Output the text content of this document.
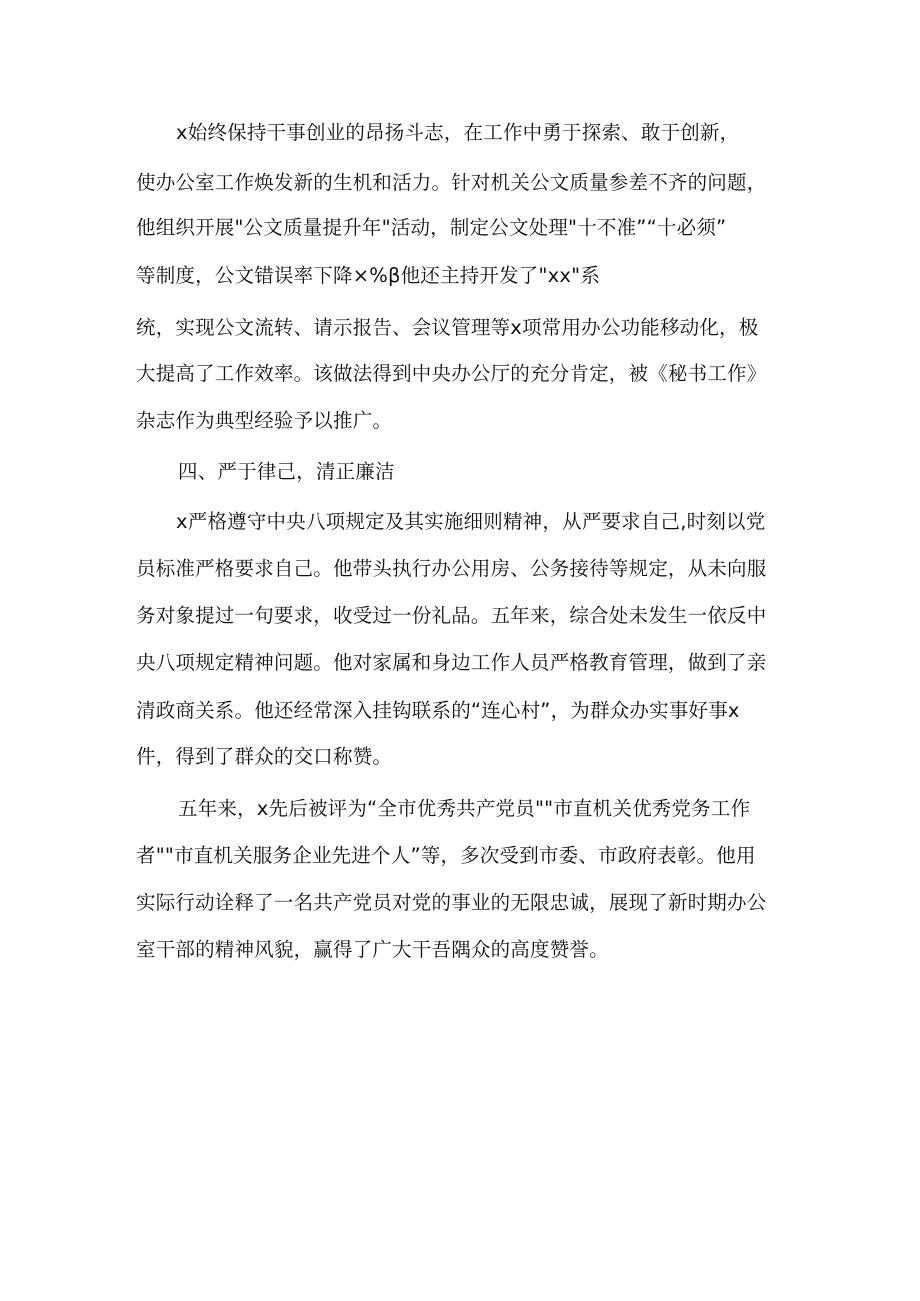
x始终保持干事创业的昂扬斗志，在工作中勇于探索、敢于创新，
使办公室工作焕发新的生机和活力。针对机关公文质量参差不齐的问题，
他组织开展"公文质量提升年"活动，制定公文处理"十不准”“十必须”
等制度，公文错误率下降×%β他还主持开发了"xx"系
统，实现公文流转、请示报告、会议管理等x项常用办公功能移动化，极
大提高了工作效率。该做法得到中央办公厅的充分肯定，被《秘书工作》
杂志作为典型经验予以推广。
四、严于律己，清正廉洁
x严格遵守中央八项规定及其实施细则精神，从严要求自己,时刻以党
员标准严格要求自己。他带头执行办公用房、公务接待等规定，从未向服
务对象提过一句要求，收受过一份礼品。五年来，综合处未发生一依反中
央八项规定精神问题。他对家属和身边工作人员严格教育管理，做到了亲
清政商关系。他还经常深入挂钩联系的“连心村”，为群众办实事好事x
件，得到了群众的交口称赞。
五年来，x先后被评为“全市优秀共产党员""市直机关优秀党务工作
者""市直机关服务企业先进个人”等，多次受到市委、市政府表彰。他用
实际行动诠释了一名共产党员对党的事业的无限忠诚，展现了新时期办公
室干部的精神风貌，赢得了广大干吾隅众的高度赞誉。
